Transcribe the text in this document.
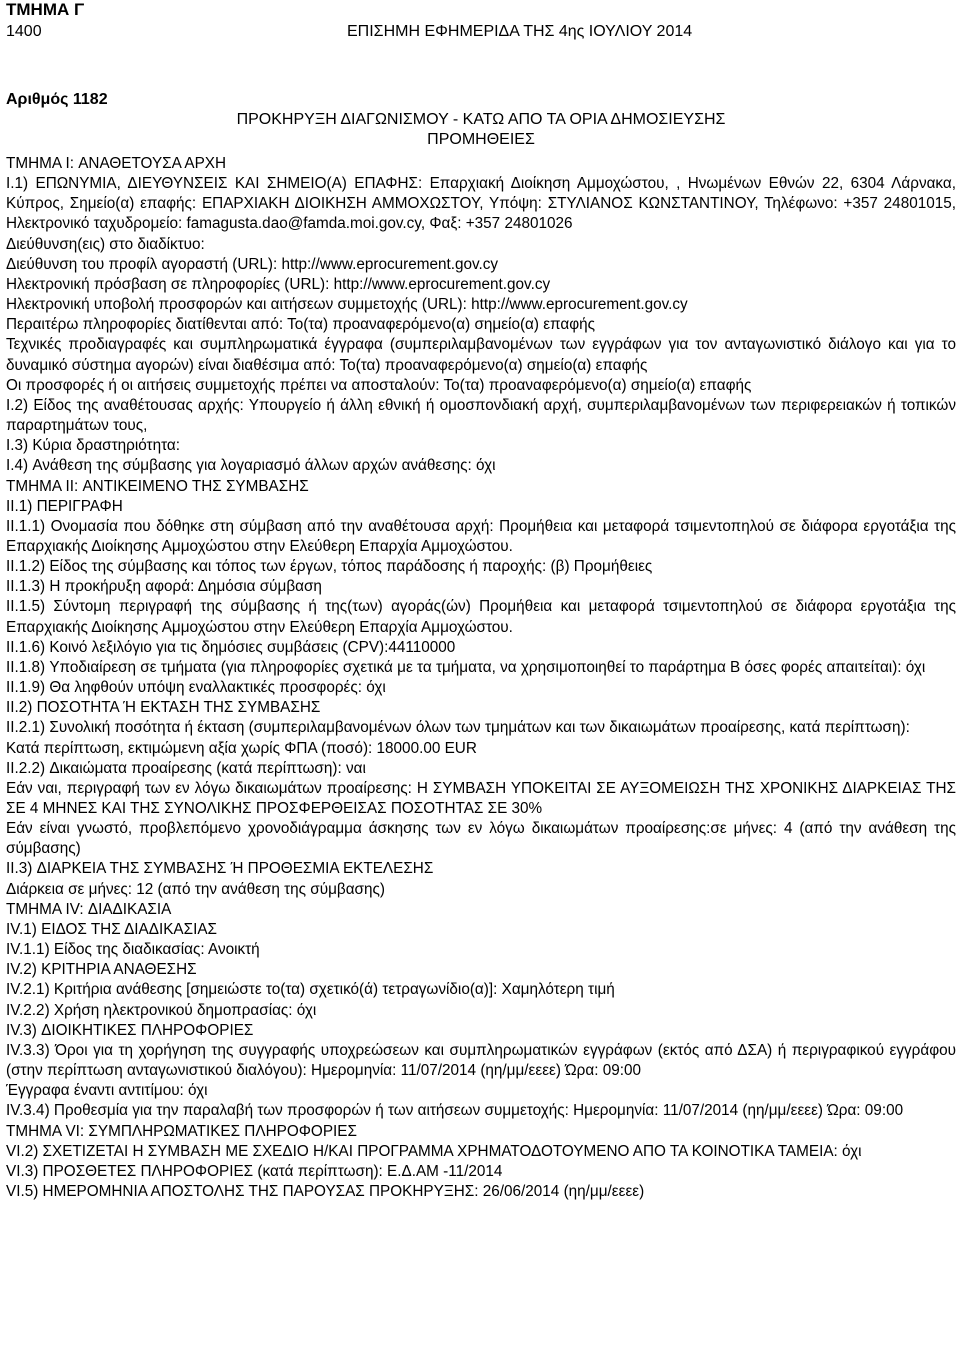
ΤΜΗΜΑ Γ
1400	ΕΠΙΣΗΜΗ ΕΦΗΜΕΡΙΔΑ ΤΗΣ 4ης ΙΟΥΛΙΟΥ 2014
Αριθμός 1182
ΠΡΟΚΗΡΥΞΗ ΔΙΑΓΩΝΙΣΜΟΥ - ΚΑΤΩ ΑΠΟ ΤΑ ΟΡΙΑ ΔΗΜΟΣΙΕΥΣΗΣ
ΠΡΟΜΗΘΕΙΕΣ

ΤΜΗΜΑ I: ΑΝΑΘΕΤΟΥΣΑ ΑΡΧΗ

I.1) ΕΠΩΝΥΜΙΑ, ΔΙΕΥΘΥΝΣΕΙΣ ΚΑΙ ΣΗΜΕΙΟ(Α) ΕΠΑΦΗΣ: Επαρχιακή Διοίκηση Αμμοχώστου, , Ηνωμένων Εθνών 22, 6304 Λάρνακα, Κύπρος, Σημείο(α) επαφής: ΕΠΑΡΧΙΑΚΗ ΔΙΟΙΚΗΣΗ ΑΜΜΟΧΩΣΤΟΥ, Υπόψη: ΣΤΥΛΙΑΝΟΣ ΚΩΝΣΤΑΝΤΙΝΟΥ, Τηλέφωνο: +357 24801015, Ηλεκτρονικό ταχυδρομείο: famagusta.dao@famda.moi.gov.cy, Φαξ: +357 24801026

Διεύθυνση(εις) στο διαδίκτυο:

Διεύθυνση του προφίλ αγοραστή (URL): http://www.eprocurement.gov.cy

Ηλεκτρονική πρόσβαση σε πληροφορίες (URL): http://www.eprocurement.gov.cy

Ηλεκτρονική υποβολή προσφορών και αιτήσεων συμμετοχής (URL): http://www.eprocurement.gov.cy

Περαιτέρω πληροφορίες διατίθενται από: Το(τα) προαναφερόμενο(α) σημείο(α) επαφής

Τεχνικές προδιαγραφές και συμπληρωματικά έγγραφα (συμπεριλαμβανομένων των εγγράφων για τον ανταγωνιστικό διάλογο και για το δυναμικό σύστημα αγορών) είναι διαθέσιμα από: Το(τα) προαναφερόμενο(α) σημείο(α) επαφής

Οι προσφορές ή οι αιτήσεις συμμετοχής πρέπει να αποσταλούν: Το(τα) προαναφερόμενο(α) σημείο(α) επαφής

I.2) Είδος της αναθέτουσας αρχής: Υπουργείο ή άλλη εθνική ή ομοσπονδιακή αρχή, συμπεριλαμβανομένων των περιφερειακών ή τοπικών παραρτημάτων τους,

I.3) Κύρια δραστηριότητα:

I.4) Ανάθεση της σύμβασης για λογαριασμό άλλων αρχών ανάθεσης: όχι

ΤΜΗΜΑ II: ΑΝΤΙΚΕΙΜΕΝΟ ΤΗΣ ΣΥΜΒΑΣΗΣ

II.1) ΠΕΡΙΓΡΑΦΗ

II.1.1) Ονομασία που δόθηκε στη σύμβαση από την αναθέτουσα αρχή: Προμήθεια και μεταφορά τσιμεντοπηλού σε διάφορα εργοτάξια της Επαρχιακής Διοίκησης Αμμοχώστου στην Ελεύθερη Επαρχία Αμμοχώστου.

II.1.2) Είδος της σύμβασης και τόπος των έργων, τόπος παράδοσης ή παροχής: (β) Προμήθειες

II.1.3) Η προκήρυξη αφορά: Δημόσια σύμβαση

II.1.5) Σύντομη περιγραφή της σύμβασης ή της(των) αγοράς(ών) Προμήθεια και μεταφορά τσιμεντοπηλού σε διάφορα εργοτάξια της Επαρχιακής Διοίκησης Αμμοχώστου στην Ελεύθερη Επαρχία Αμμοχώστου.

II.1.6) Κοινό λεξιλόγιο για τις δημόσιες συμβάσεις (CPV):44110000

II.1.8) Υποδιαίρεση σε τμήματα (για πληροφορίες σχετικά με τα τμήματα, να χρησιμοποιηθεί το παράρτημα Β όσες φορές απαιτείται): όχι

II.1.9) Θα ληφθούν υπόψη εναλλακτικές προσφορές: όχι

II.2) ΠΟΣΟΤΗΤΑ Ή ΕΚΤΑΣΗ ΤΗΣ ΣΥΜΒΑΣΗΣ

II.2.1) Συνολική ποσότητα ή έκταση (συμπεριλαμβανομένων όλων των τμημάτων και των δικαιωμάτων προαίρεσης, κατά περίπτωση):

Κατά περίπτωση, εκτιμώμενη αξία χωρίς ΦΠΑ (ποσό): 18000.00 EUR

II.2.2) Δικαιώματα προαίρεσης (κατά περίπτωση): ναι

Εάν ναι, περιγραφή των εν λόγω δικαιωμάτων προαίρεσης: Η ΣΥΜΒΑΣΗ ΥΠΟΚΕΙΤΑΙ ΣΕ ΑΥΞΟΜΕΙΩΣΗ ΤΗΣ ΧΡΟΝΙΚΗΣ ΔΙΑΡΚΕΙΑΣ ΤΗΣ ΣΕ 4 ΜΗΝΕΣ ΚΑΙ ΤΗΣ ΣΥΝΟΛΙΚΗΣ ΠΡΟΣΦΕΡΘΕΙΣΑΣ ΠΟΣΟΤΗΤΑΣ ΣΕ 30%

Εάν είναι γνωστό, προβλεπόμενο χρονοδιάγραμμα άσκησης των εν λόγω δικαιωμάτων προαίρεσης:σε μήνες: 4 (από την ανάθεση της σύμβασης)

II.3) ΔΙΑΡΚΕΙΑ ΤΗΣ ΣΥΜΒΑΣΗΣ Ή ΠΡΟΘΕΣΜΙΑ ΕΚΤΕΛΕΣΗΣ

Διάρκεια σε μήνες: 12 (από την ανάθεση της σύμβασης)

ΤΜΗΜΑ IV: ΔΙΑΔΙΚΑΣΙΑ

IV.1) ΕΙΔΟΣ ΤΗΣ ΔΙΑΔΙΚΑΣΙΑΣ

IV.1.1) Είδος της διαδικασίας: Ανοικτή

IV.2) ΚΡΙΤΗΡΙΑ ΑΝΑΘΕΣΗΣ

IV.2.1) Κριτήρια ανάθεσης [σημειώστε το(τα) σχετικό(ά) τετραγωνίδιο(α)]: Χαμηλότερη τιμή

IV.2.2) Χρήση ηλεκτρονικού δημοπρασίας: όχι

IV.3) ΔΙΟΙΚΗΤΙΚΕΣ ΠΛΗΡΟΦΟΡΙΕΣ

IV.3.3) Όροι για τη χορήγηση της συγγραφής υποχρεώσεων και συμπληρωματικών εγγράφων (εκτός από ΔΣΑ) ή περιγραφικού εγγράφου (στην περίπτωση ανταγωνιστικού διαλόγου): Ημερομηνία: 11/07/2014 (ηη/μμ/εεεε) Ώρα: 09:00

Έγγραφα έναντι αντιτίμου: όχι

IV.3.4) Προθεσμία για την παραλαβή των προσφορών ή των αιτήσεων συμμετοχής: Ημερομηνία: 11/07/2014 (ηη/μμ/εεεε) Ώρα: 09:00

ΤΜΗΜΑ VI: ΣΥΜΠΛΗΡΩΜΑΤΙΚΕΣ ΠΛΗΡΟΦΟΡΙΕΣ

VI.2) ΣΧΕΤΙΖΕΤΑΙ Η ΣΥΜΒΑΣΗ ΜΕ ΣΧΕΔΙΟ Η/ΚΑΙ ΠΡΟΓΡΑΜΜΑ ΧΡΗΜΑΤΟΔΟΤΟΥΜΕΝΟ ΑΠΟ ΤΑ ΚΟΙΝΟΤΙΚΑ ΤΑΜΕΙΑ: όχι

VI.3) ΠΡΟΣΘΕΤΕΣ ΠΛΗΡΟΦΟΡΙΕΣ (κατά περίπτωση): Ε.Δ.ΑΜ -11/2014

VI.5) ΗΜΕΡΟΜΗΝΙΑ ΑΠΟΣΤΟΛΗΣ ΤΗΣ ΠΑΡΟΥΣΑΣ ΠΡΟΚΗΡΥΞΗΣ: 26/06/2014 (ηη/μμ/εεεε)
